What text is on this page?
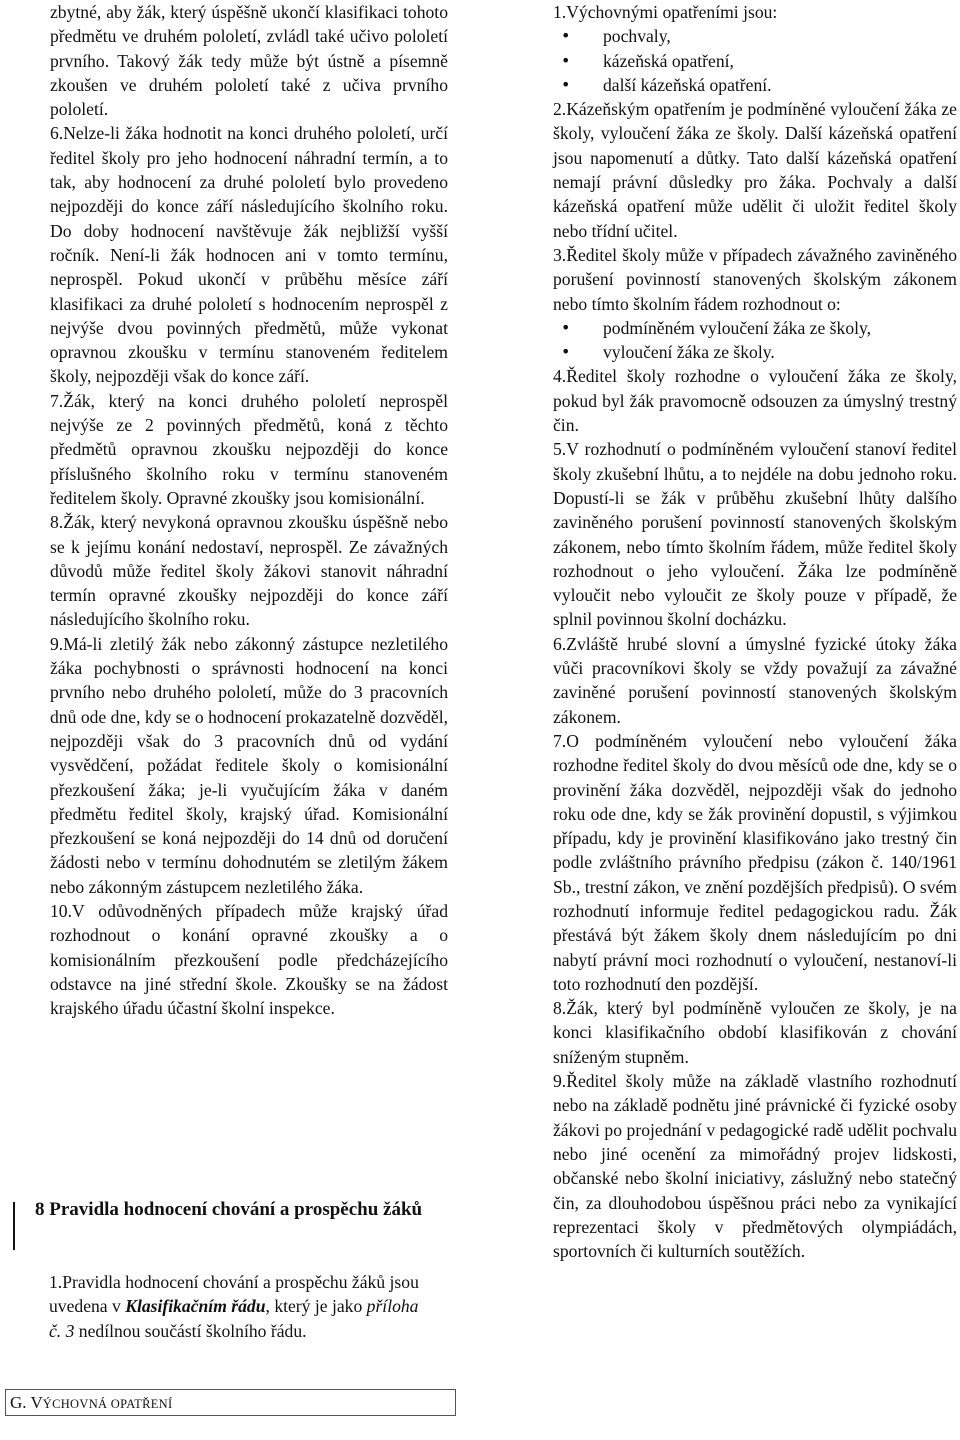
zbytné, aby žák, který úspěšně ukončí klasifikaci tohoto předmětu ve druhém pololetí, zvládl také učivo pololetí prvního. Takový žák tedy může být ústně a písemně zkoušen ve druhém pololetí také z učiva prvního pololetí.

6.Nelze-li žáka hodnotit na konci druhého pololetí, určí ředitel školy pro jeho hodnocení náhradní termín, a to tak, aby hodnocení za druhé pololetí bylo provedeno nejpozději do konce září následujícího školního roku. Do doby hodnocení navštěvuje žák nejbližší vyšší ročník. Není-li žák hodnocen ani v tomto termínu, neprospěl. Pokud ukončí v průběhu měsíce září klasifikaci za druhé pololetí s hodnocením neprospěl z nejvýše dvou povinných předmětů, může vykonat opravnou zkoušku v termínu stanoveném ředitelem školy, nejpozději však do konce září.

7.Žák, který na konci druhého pololetí neprospěl nejvýše ze 2 povinných předmětů, koná z těchto předmětů opravnou zkoušku nejpozději do konce příslušného školního roku v termínu stanoveném ředitelem školy. Opravné zkoušky jsou komisionální.

8.Žák, který nevykoná opravnou zkoušku úspěšně nebo se k jejímu konání nedostaví, neprospěl. Ze závažných důvodů může ředitel školy žákovi stanovit náhradní termín opravné zkoušky nejpozději do konce září následujícího školního roku.

9.Má-li zletilý žák nebo zákonný zástupce nezletilého žáka pochybnosti o správnosti hodnocení na konci prvního nebo druhého pololetí, může do 3 pracovních dnů ode dne, kdy se o hodnocení prokazatelně dozvěděl, nejpozději však do 3 pracovních dnů od vydání vysvědčení, požádat ředitele školy o komisionální přezkoušení žáka; je-li vyučujícím žáka v daném předmětu ředitel školy, krajský úřad. Komisionální přezkoušení se koná nejpozději do 14 dnů od doručení žádosti nebo v termínu dohodnutém se zletilým žákem nebo zákonným zástupcem nezletilého žáka.

10.V odůvodněných případech může krajský úřad rozhodnout o konání opravné zkoušky a o komisionálním přezkoušení podle předcházejícího odstavce na jiné střední škole. Zkoušky se na žádost krajského úřadu účastní školní inspekce.

8 Pravidla hodnocení chování a prospěchu žáků

1.Pravidla hodnocení chování a prospěchu žáků jsou uvedena v Klasifikačním řádu, který je jako příloha č. 3 nedílnou součástí školního řádu.

G. VÝCHOVNÁ OPATŘENÍ
1.Výchovnými opatřeními jsou:
• pochvaly,
• kázeňská opatření,
• další kázeňská opatření.

2.Kázeňským opatřením je podmíněné vyloučení žáka ze školy, vyloučení žáka ze školy. Další kázeňská opatření jsou napomenutí a důtky. Tato další kázeňská opatření nemají právní důsledky pro žáka. Pochvaly a další kázeňská opatření může udělit či uložit ředitel školy nebo třídní učitel.

3.Ředitel školy může v případech závažného zaviněného porušení povinností stanovených školským zákonem nebo tímto školním řádem rozhodnout o:
• podmíněném vyloučení žáka ze školy,
• vyloučení žáka ze školy.

4.Ředitel školy rozhodne o vyloučení žáka ze školy, pokud byl žák pravomocně odsouzen za úmyslný trestný čin.

5.V rozhodnutí o podmíněném vyloučení stanoví ředitel školy zkušební lhůtu, a to nejdéle na dobu jednoho roku. Dopustí-li se žák v průběhu zkušební lhůty dalšího zaviněného porušení povinností stanovených školským zákonem, nebo tímto školním řádem, může ředitel školy rozhodnout o jeho vyloučení. Žáka lze podmíněně vyloučit nebo vyloučit ze školy pouze v případě, že splnil povinnou školní docházku.

6.Zvláště hrubé slovní a úmyslné fyzické útoky žáka vůči pracovníkovi školy se vždy považují za závažné zaviněné porušení povinností stanovených školským zákonem.

7.O podmíněném vyloučení nebo vyloučení žáka rozhodne ředitel školy do dvou měsíců ode dne, kdy se o provinění žáka dozvěděl, nejpozději však do jednoho roku ode dne, kdy se žák provinění dopustil, s výjimkou případu, kdy je provinění klasifikováno jako trestný čin podle zvláštního právního předpisu (zákon č. 140/1961 Sb., trestní zákon, ve znění pozdějších předpisů). O svém rozhodnutí informuje ředitel pedagogickou radu. Žák přestává být žákem školy dnem následujícím po dni nabytí právní moci rozhodnutí o vyloučení, nestanoví-li toto rozhodnutí den pozdější.

8.Žák, který byl podmíněně vyloučen ze školy, je na konci klasifikačního období klasifikován z chování sníženým stupněm.

9.Ředitel školy může na základě vlastního rozhodnutí nebo na základě podnětu jiné právnické či fyzické osoby žákovi po projednání v pedagogické radě udělit pochvalu nebo jiné ocenění za mimořádný projev lidskosti, občanské nebo školní iniciativy, záslužný nebo statečný čin, za dlouhodobou úspěšnou práci nebo za vynikající reprezentaci školy v předmětových olympiádách, sportovních či kulturních soutěžích.
